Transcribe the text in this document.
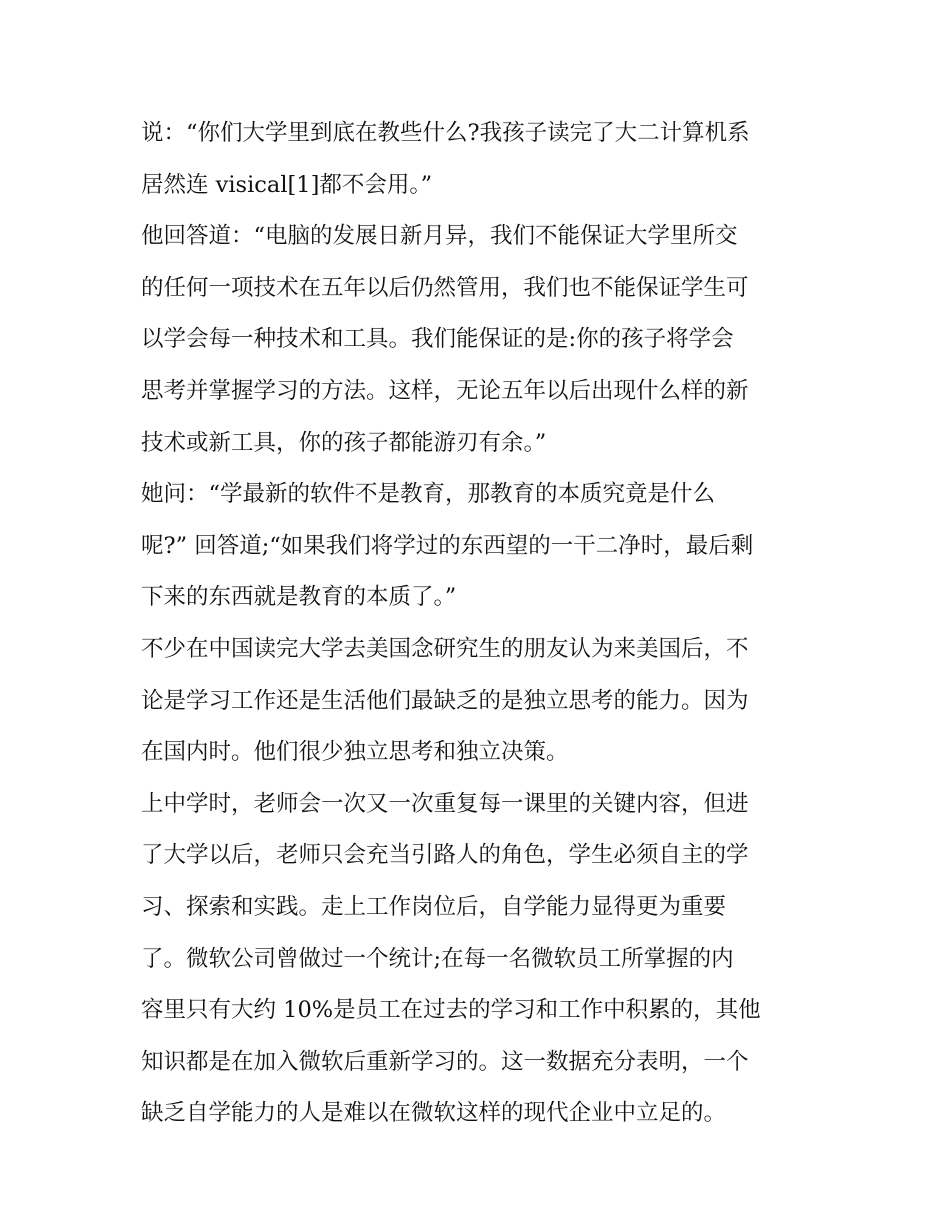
说：“你们大学里到底在教些什么?我孩子读完了大二计算机系
居然连 visical[1]都不会用。”
他回答道：“电脑的发展日新月异，我们不能保证大学里所交
的任何一项技术在五年以后仍然管用，我们也不能保证学生可
以学会每一种技术和工具。我们能保证的是:你的孩子将学会
思考并掌握学习的方法。这样，无论五年以后出现什么样的新
技术或新工具，你的孩子都能游刃有余。”
她问：“学最新的软件不是教育，那教育的本质究竟是什么
呢?” 回答道;“如果我们将学过的东西望的一干二净时，最后剩
下来的东西就是教育的本质了。”
不少在中国读完大学去美国念研究生的朋友认为来美国后，不
论是学习工作还是生活他们最缺乏的是独立思考的能力。因为
在国内时。他们很少独立思考和独立决策。
上中学时，老师会一次又一次重复每一课里的关键内容，但进
了大学以后，老师只会充当引路人的角色，学生必须自主的学
习、探索和实践。走上工作岗位后，自学能力显得更为重要
了。微软公司曾做过一个统计;在每一名微软员工所掌握的内
容里只有大约 10%是员工在过去的学习和工作中积累的，其他
知识都是在加入微软后重新学习的。这一数据充分表明，一个
缺乏自学能力的人是难以在微软这样的现代企业中立足的。
